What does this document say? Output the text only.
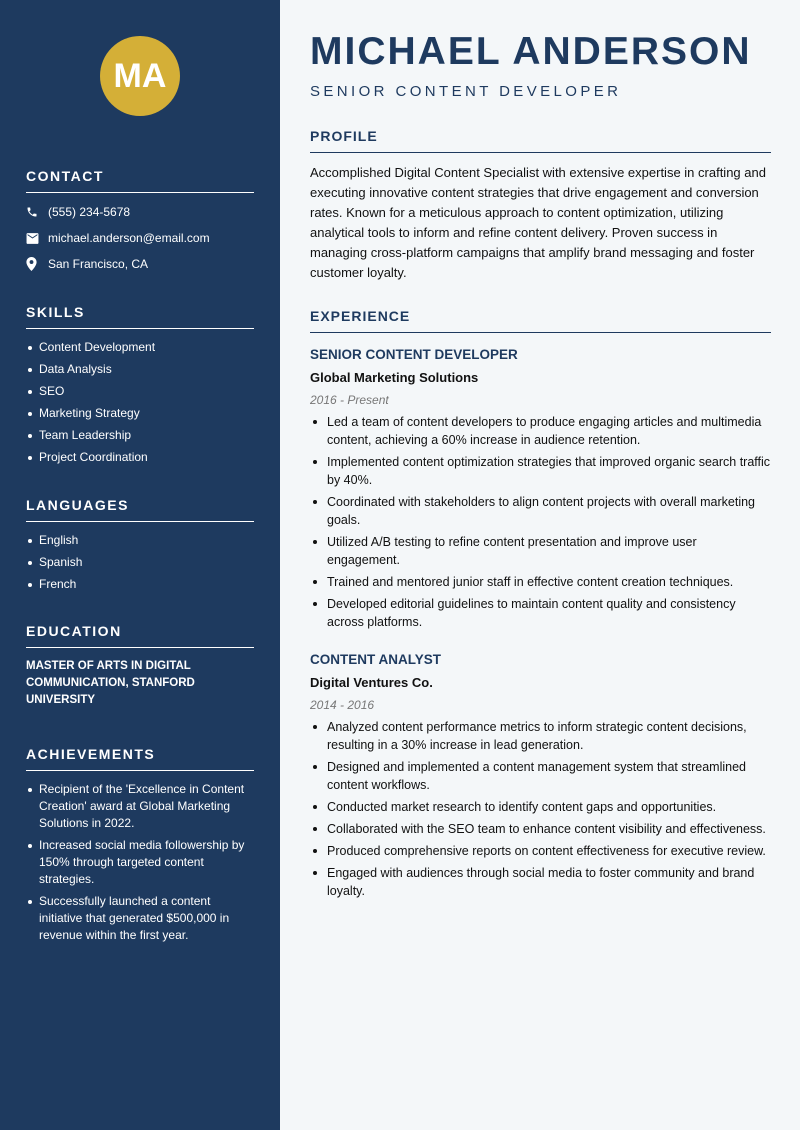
MA
CONTACT
(555) 234-5678
michael.anderson@email.com
San Francisco, CA
SKILLS
Content Development
Data Analysis
SEO
Marketing Strategy
Team Leadership
Project Coordination
LANGUAGES
English
Spanish
French
EDUCATION
MASTER OF ARTS IN DIGITAL COMMUNICATION, STANFORD UNIVERSITY
ACHIEVEMENTS
Recipient of the 'Excellence in Content Creation' award at Global Marketing Solutions in 2022.
Increased social media followership by 150% through targeted content strategies.
Successfully launched a content initiative that generated $500,000 in revenue within the first year.
MICHAEL ANDERSON
SENIOR CONTENT DEVELOPER
PROFILE

Accomplished Digital Content Specialist with extensive expertise in crafting and executing innovative content strategies that drive engagement and conversion rates. Known for a meticulous approach to content optimization, utilizing analytical tools to inform and refine content delivery. Proven success in managing cross-platform campaigns that amplify brand messaging and foster customer loyalty.

EXPERIENCE
SENIOR CONTENT DEVELOPER
Global Marketing Solutions
2016 - Present
Led a team of content developers to produce engaging articles and multimedia content, achieving a 60% increase in audience retention.
Implemented content optimization strategies that improved organic search traffic by 40%.
Coordinated with stakeholders to align content projects with overall marketing goals.
Utilized A/B testing to refine content presentation and improve user engagement.
Trained and mentored junior staff in effective content creation techniques.
Developed editorial guidelines to maintain content quality and consistency across platforms.
CONTENT ANALYST
Digital Ventures Co.
2014 - 2016
Analyzed content performance metrics to inform strategic content decisions, resulting in a 30% increase in lead generation.
Designed and implemented a content management system that streamlined content workflows.
Conducted market research to identify content gaps and opportunities.
Collaborated with the SEO team to enhance content visibility and effectiveness.
Produced comprehensive reports on content effectiveness for executive review.
Engaged with audiences through social media to foster community and brand loyalty.
